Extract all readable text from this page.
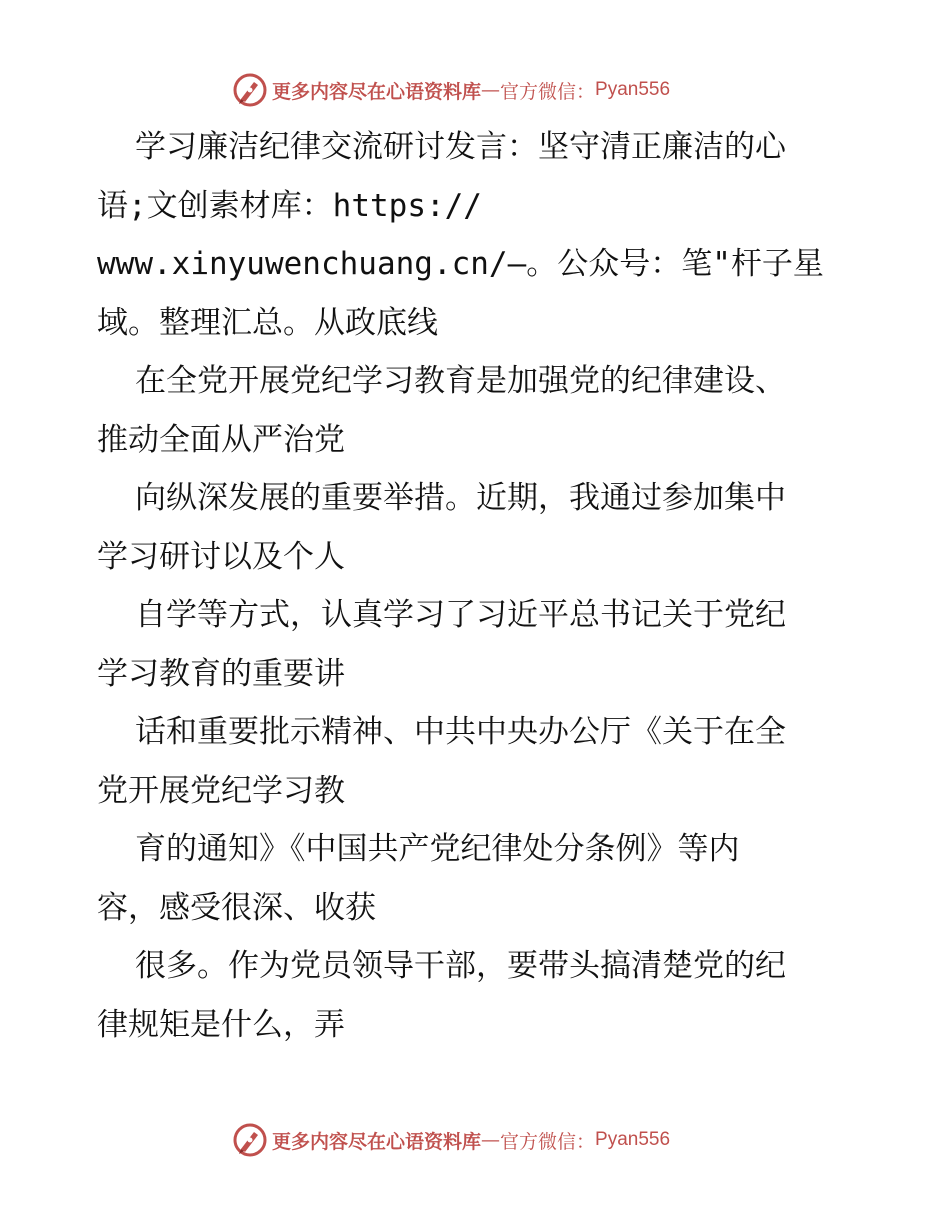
更多内容尽在心语资料库 — 官方微信： Pyan556
学习廉洁纪律交流研讨发言：坚守清正廉洁的心
语;文创素材库：https://
www.xinyuwenchuang.cn/—。公众号：笔"杆子星
域。整理汇总。从政底线
在全党开展党纪学习教育是加强党的纪律建设、
推动全面从严治党
向纵深发展的重要举措。近期，我通过参加集中
学习研讨以及个人
自学等方式，认真学习了习近平总书记关于党纪
学习教育的重要讲
话和重要批示精神、中共中央办公厅《关于在全
党开展党纪学习教
育的通知》《中国共产党纪律处分条例》等内
容，感受很深、收获
很多。作为党员领导干部，要带头搞清楚党的纪
律规矩是什么，弄
更多内容尽在心语资料库 — 官方微信： Pyan556
